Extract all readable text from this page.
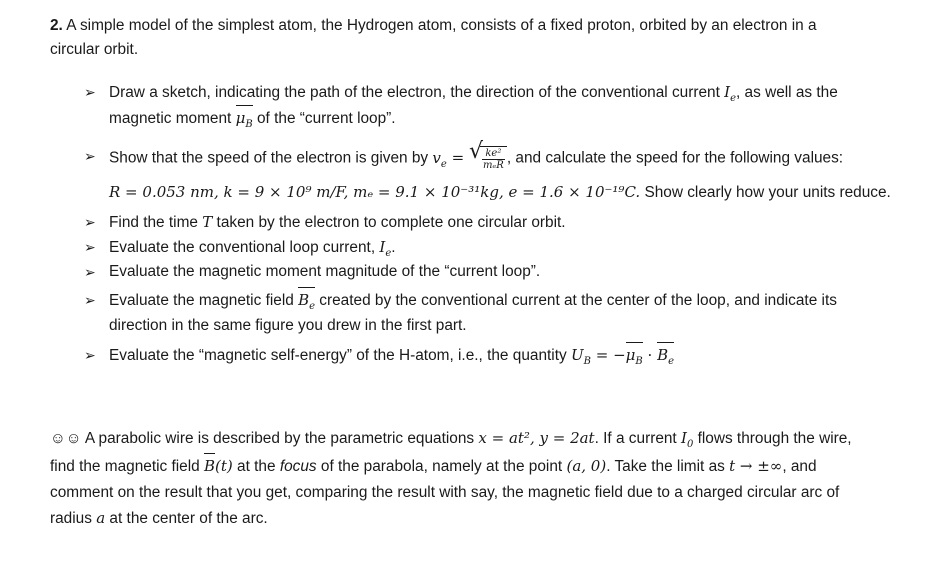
2. A simple model of the simplest atom, the Hydrogen atom, consists of a fixed proton, orbited by an electron in a
circular orbit.
➢ Draw a sketch, indicating the path of the electron, the direction of the conventional current $I_e$, as well as the
magnetic moment $\mu_B$ of the “current loop”.
➢ Show that the speed of the electron is given by $v_e$ = √
$\frac{\text{ke²}}{\text{mₑR}}$ , and calculate the speed for the following values:
R = 0.053 nm, k = 9 × 10⁹ m/F, mₑ = 9.1 × 10⁻³¹kg, e = 1.6 × 10⁻¹⁹C. Show clearly how your units reduce.
➢ Find the time T taken by the electron to complete one circular orbit.
➢ Evaluate the conventional loop current, $I_e$.
➢ Evaluate the magnetic moment magnitude of the “current loop”.
➢ Evaluate the magnetic field $B_e$ created by the conventional current at the center of the loop, and indicate its
direction in the same figure you drew in the first part.
➢ Evaluate the “magnetic self-energy” of the H-atom, i.e., the quantity $U_B = -\mu_B \cdot B_e$
☺☺ A parabolic wire is described by the parametric equations x = at², y = 2at. If a current $I_0$ flows through the wire,
find the magnetic field B(t) at the focus of the parabola, namely at the point (a, 0). Take the limit as t → ±∞, and
comment on the result that you get, comparing the result with say, the magnetic field due to a charged circular arc of
radius a at the center of the arc.
